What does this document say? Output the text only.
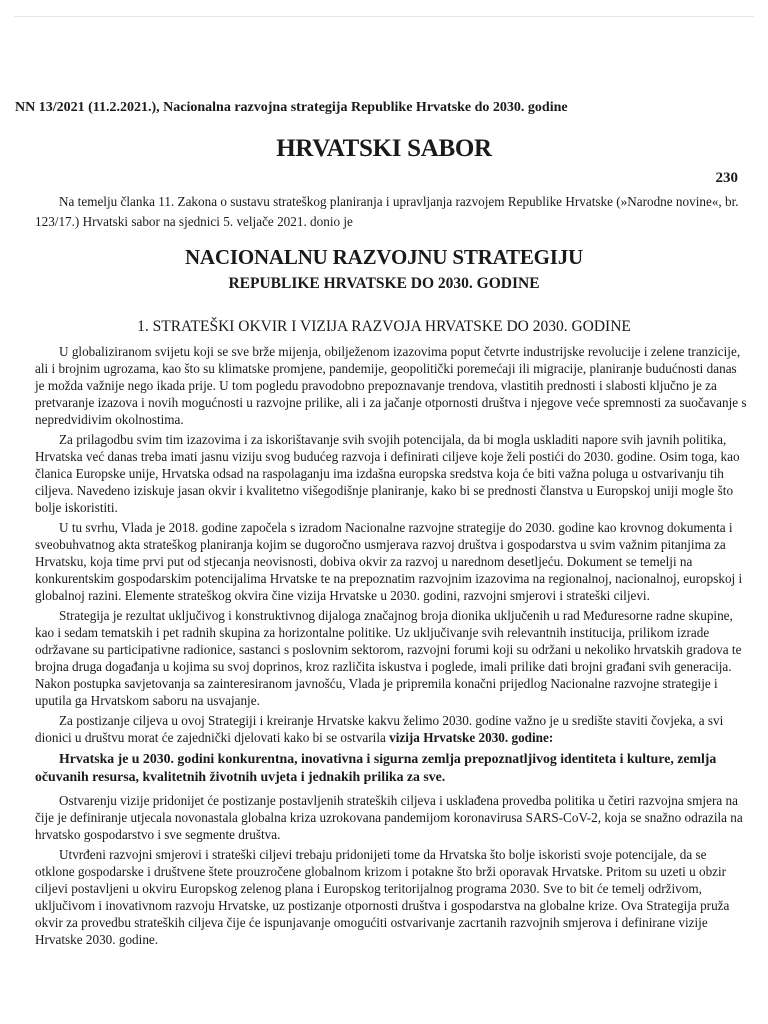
NN 13/2021 (11.2.2021.), Nacionalna razvojna strategija Republike Hrvatske do 2030. godine
HRVATSKI SABOR
230

Na temelju članka 11. Zakona o sustavu strateškog planiranja i upravljanja razvojem Republike Hrvatske (»Narodne novine«, br. 123/17.) Hrvatski sabor na sjednici 5. veljače 2021. donio je

NACIONALNU RAZVOJNU STRATEGIJU
REPUBLIKE HRVATSKE DO 2030. GODINE
1. STRATEŠKI OKVIR I VIZIJA RAZVOJA HRVATSKE DO 2030. GODINE

U globaliziranom svijetu koji se sve brže mijenja, obilježenom izazovima poput četvrte industrijske revolucije i zelene tranzicije, ali i brojnim ugrozama, kao što su klimatske promjene, pandemije, geopolitički poremećaji ili migracije, planiranje budućnosti danas je možda važnije nego ikada prije. U tom pogledu pravodobno prepoznavanje trendova, vlastitih prednosti i slabosti ključno je za pretvaranje izazova i novih mogućnosti u razvojne prilike, ali i za jačanje otpornosti društva i njegove veće spremnosti za suočavanje s nepredvidivim okolnostima.

Za prilagodbu svim tim izazovima i za iskorištavanje svih svojih potencijala, da bi mogla uskladiti napore svih javnih politika, Hrvatska već danas treba imati jasnu viziju svog budućeg razvoja i definirati ciljeve koje želi postići do 2030. godine. Osim toga, kao članica Europske unije, Hrvatska odsad na raspolaganju ima izdašna europska sredstva koja će biti važna poluga u ostvarivanju tih ciljeva. Navedeno iziskuje jasan okvir i kvalitetno višegodišnje planiranje, kako bi se prednosti članstva u Europskoj uniji mogle što bolje iskoristiti.

U tu svrhu, Vlada je 2018. godine započela s izradom Nacionalne razvojne strategije do 2030. godine kao krovnog dokumenta i sveobuhvatnog akta strateškog planiranja kojim se dugoročno usmjerava razvoj društva i gospodarstva u svim važnim pitanjima za Hrvatsku, koja time prvi put od stjecanja neovisnosti, dobiva okvir za razvoj u narednom desetljeću. Dokument se temelji na konkurentskim gospodarskim potencijalima Hrvatske te na prepoznatim razvojnim izazovima na regionalnoj, nacionalnoj, europskoj i globalnoj razini. Elemente strateškog okvira čine vizija Hrvatske u 2030. godini, razvojni smjerovi i strateški ciljevi.

Strategija je rezultat uključivog i konstruktivnog dijaloga značajnog broja dionika uključenih u rad Međuresorne radne skupine, kao i sedam tematskih i pet radnih skupina za horizontalne politike. Uz uključivanje svih relevantnih institucija, prilikom izrade održavane su participativne radionice, sastanci s poslovnim sektorom, razvojni forumi koji su održani u nekoliko hrvatskih gradova te brojna druga događanja u kojima su svoj doprinos, kroz različita iskustva i poglede, imali prilike dati brojni građani svih generacija. Nakon postupka savjetovanja sa zainteresiranom javnošću, Vlada je pripremila konačni prijedlog Nacionalne razvojne strategije i uputila ga Hrvatskom saboru na usvajanje.

Za postizanje ciljeva u ovoj Strategiji i kreiranje Hrvatske kakvu želimo 2030. godine važno je u središte staviti čovjeka, a svi dionici u društvu morat će zajednički djelovati kako bi se ostvarila vizija Hrvatske 2030. godine:

Hrvatska je u 2030. godini konkurentna, inovativna i sigurna zemlja prepoznatljivog identiteta i kulture, zemlja očuvanih resursa, kvalitetnih životnih uvjeta i jednakih prilika za sve.

Ostvarenju vizije pridonijet će postizanje postavljenih strateških ciljeva i usklađena provedba politika u četiri razvojna smjera na čije je definiranje utjecala novonastala globalna kriza uzrokovana pandemijom koronavirusa SARS-CoV-2, koja se snažno odrazila na hrvatsko gospodarstvo i sve segmente društva.

Utvrđeni razvojni smjerovi i strateški ciljevi trebaju pridonijeti tome da Hrvatska što bolje iskoristi svoje potencijale, da se otklone gospodarske i društvene štete prouzročene globalnom krizom i potakne što brži oporavak Hrvatske. Pritom su uzeti u obzir ciljevi postavljeni u okviru Europskog zelenog plana i Europskog teritorijalnog programa 2030. Sve to bit će temelj održivom, uključivom i inovativnom razvoju Hrvatske, uz postizanje otpornosti društva i gospodarstva na globalne krize. Ova Strategija pruža okvir za provedbu strateških ciljeva čije će ispunjavanje omogućiti ostvarivanje zacrtanih razvojnih smjerova i definirane vizije Hrvatske 2030. godine.
